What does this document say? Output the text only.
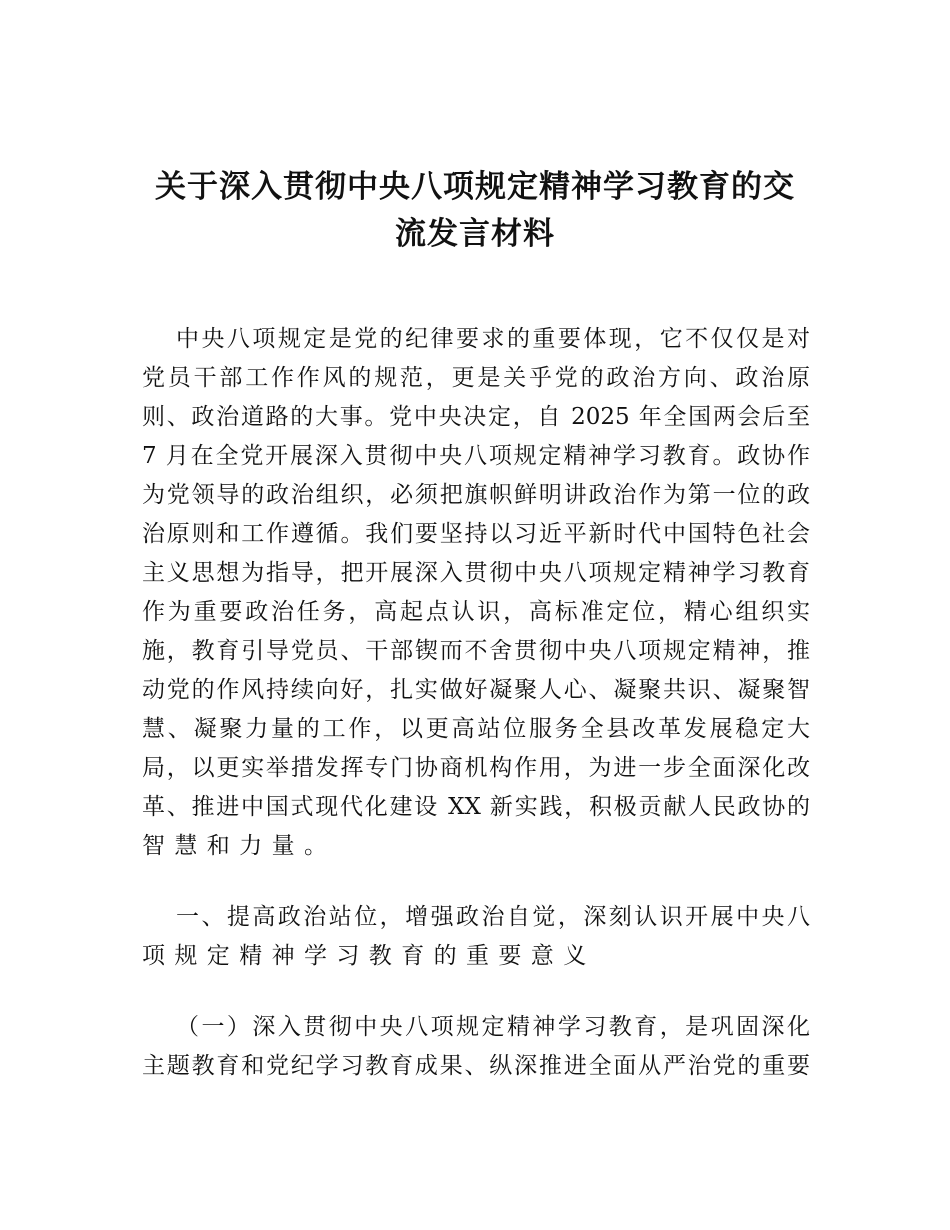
关于深入贯彻中央八项规定精神学习教育的交
流发言材料
中央八项规定是党的纪律要求的重要体现，它不仅仅是对
党员干部工作作风的规范，更是关乎党的政治方向、政治原
则、政治道路的大事。党中央决定，自 2025 年全国两会后至
7 月在全党开展深入贯彻中央八项规定精神学习教育。政协作
为党领导的政治组织，必须把旗帜鲜明讲政治作为第一位的政
治原则和工作遵循。我们要坚持以习近平新时代中国特色社会
主义思想为指导，把开展深入贯彻中央八项规定精神学习教育
作为重要政治任务，高起点认识，高标准定位，精心组织实
施，教育引导党员、干部锲而不舍贯彻中央八项规定精神，推
动党的作风持续向好，扎实做好凝聚人心、凝聚共识、凝聚智
慧、凝聚力量的工作，以更高站位服务全县改革发展稳定大
局，以更实举措发挥专门协商机构作用，为进一步全面深化改
革、推进中国式现代化建设 XX 新实践，积极贡献人民政协的
智慧和力量。
一、提高政治站位，增强政治自觉，深刻认识开展中央八
项规定精神学习教育的重要意义
（一）深入贯彻中央八项规定精神学习教育，是巩固深化
主题教育和党纪学习教育成果、纵深推进全面从严治党的重要
